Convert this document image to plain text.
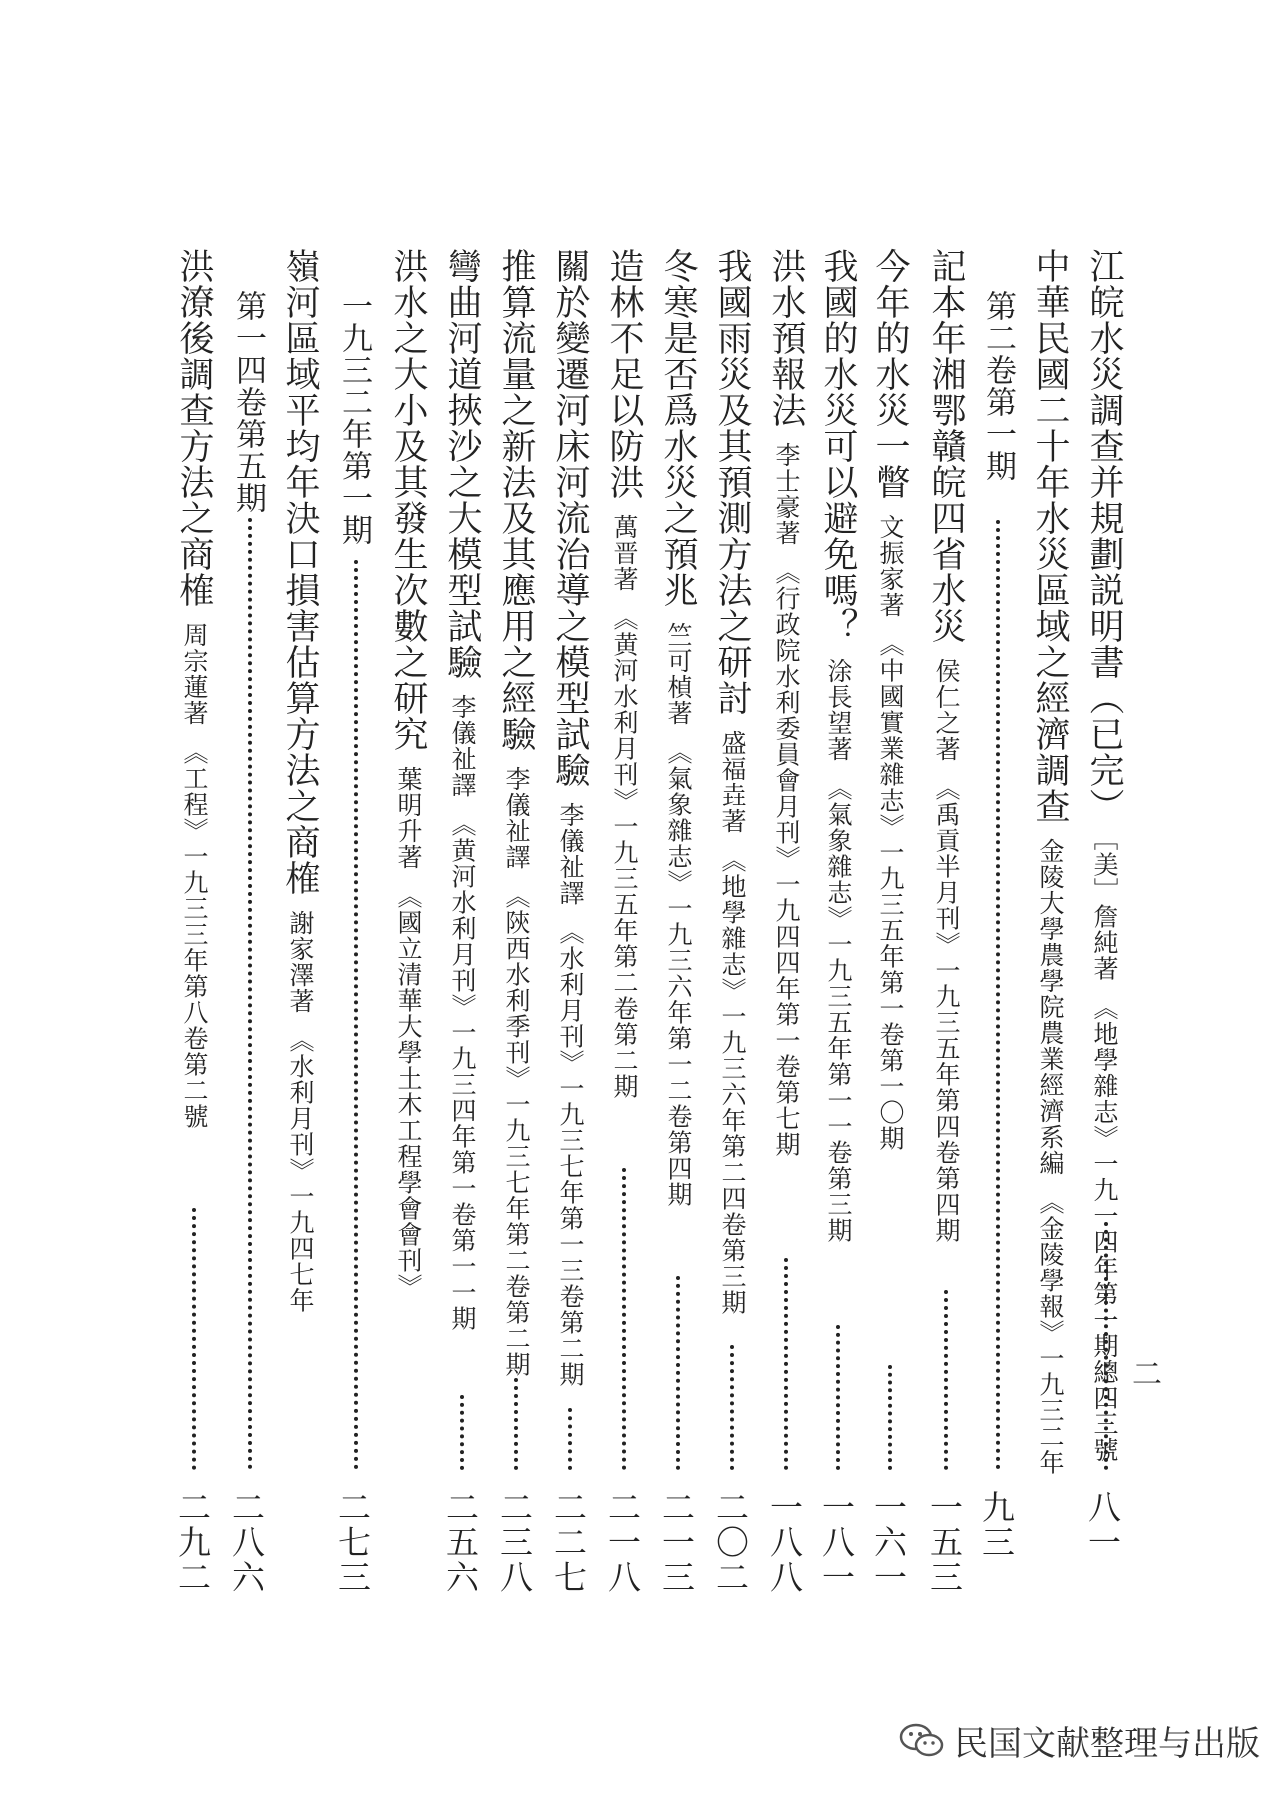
二
江皖水災調查并規劃説明書（已完）［美］詹純著　《地學雜志》一九一四年第一期總四三號
八一
中華民國二十年水災區域之經濟調查金陵大學農學院農業經濟系編　《金陵學報》一九三二年
第二卷第一期
九三
記本年湘鄂贛皖四省水災侯仁之著　《禹貢半月刊》一九三五年第四卷第四期
一五三
今年的水災一瞥文振家著　《中國實業雜志》一九三五年第一卷第一〇期
一六一
我國的水災可以避免嗎？涂長望著　《氣象雜志》一九三五年第一一卷第三期
一八一
洪水預報法李士豪著　《行政院水利委員會月刊》一九四四年第一卷第七期
一八八
我國雨災及其預測方法之研討盛福垚著　《地學雜志》一九三六年第二四卷第三期
二〇二
冬寒是否爲水災之預兆竺可楨著　《氣象雜志》一九三六年第一二卷第四期
二一三
造林不足以防洪萬晋著　《黄河水利月刊》一九三五年第二卷第二期
二一八
關於變遷河床河流治導之模型試驗李儀祉譯　《水利月刊》一九三七年第一三卷第二期
二二七
推算流量之新法及其應用之經驗李儀祉譯　《陝西水利季刊》一九三七年第二卷第二期
二三八
彎曲河道挾沙之大模型試驗李儀祉譯　《黄河水利月刊》一九三四年第一卷第一一期
二五六
洪水之大小及其發生次數之研究葉明升著　《國立清華大學土木工程學會會刊》
一九三二年第一期
二七三
嶺河區域平均年決口損害估算方法之商榷謝家澤著　《水利月刊》一九四七年
第一四卷第五期
二八六
洪潦後調查方法之商榷周宗蓮著　《工程》一九三三年第八卷第二號
二九二
民国文献整理与出版
